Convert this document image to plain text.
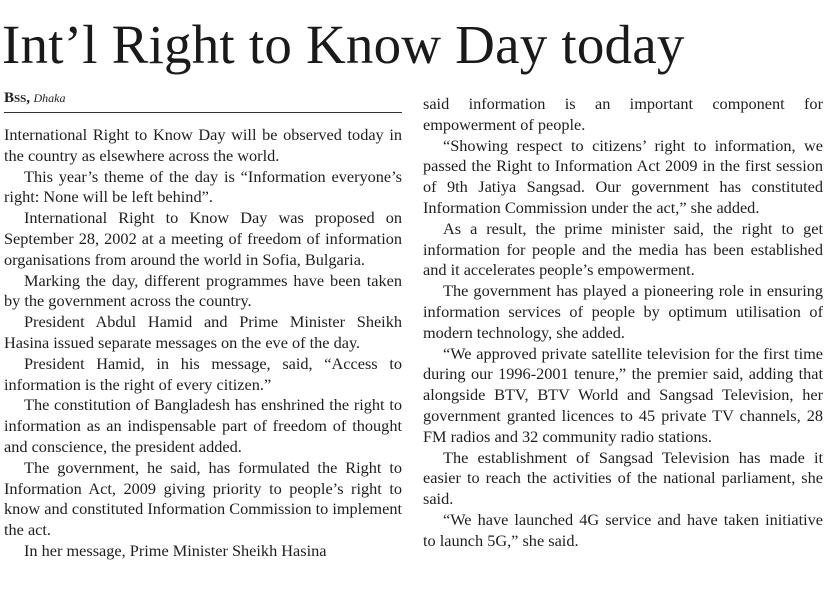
Int’l Right to Know Day today
Bss, Dhaka

International Right to Know Day will be observed today in the country as elsewhere across the world.

This year’s theme of the day is “Information everyone’s right: None will be left behind”.

International Right to Know Day was proposed on September 28, 2002 at a meeting of freedom of information organisations from around the world in Sofia, Bulgaria.

Marking the day, different programmes have been taken by the government across the country.

President Abdul Hamid and Prime Minister Sheikh Hasina issued separate messages on the eve of the day.

President Hamid, in his message, said, “Access to information is the right of every citizen.”

The constitution of Bangladesh has enshrined the right to information as an indispensable part of freedom of thought and conscience, the president added.

The government, he said, has formulated the Right to Information Act, 2009 giving priority to people’s right to know and constituted Information Commission to implement the act.

In her message, Prime Minister Sheikh Hasina

said information is an important component for empowerment of people.

“Showing respect to citizens’ right to information, we passed the Right to Information Act 2009 in the first session of 9th Jatiya Sangsad. Our government has constituted Information Commission under the act,” she added.

As a result, the prime minister said, the right to get information for people and the media has been established and it accelerates people’s empowerment.

The government has played a pioneering role in ensuring information services of people by optimum utilisation of modern technology, she added.

“We approved private satellite television for the first time during our 1996-2001 tenure,” the premier said, adding that alongside BTV, BTV World and Sangsad Television, her government granted licences to 45 private TV channels, 28 FM radios and 32 community radio stations.

The establishment of Sangsad Television has made it easier to reach the activities of the national parliament, she said.

“We have launched 4G service and have taken initiative to launch 5G,” she said.
